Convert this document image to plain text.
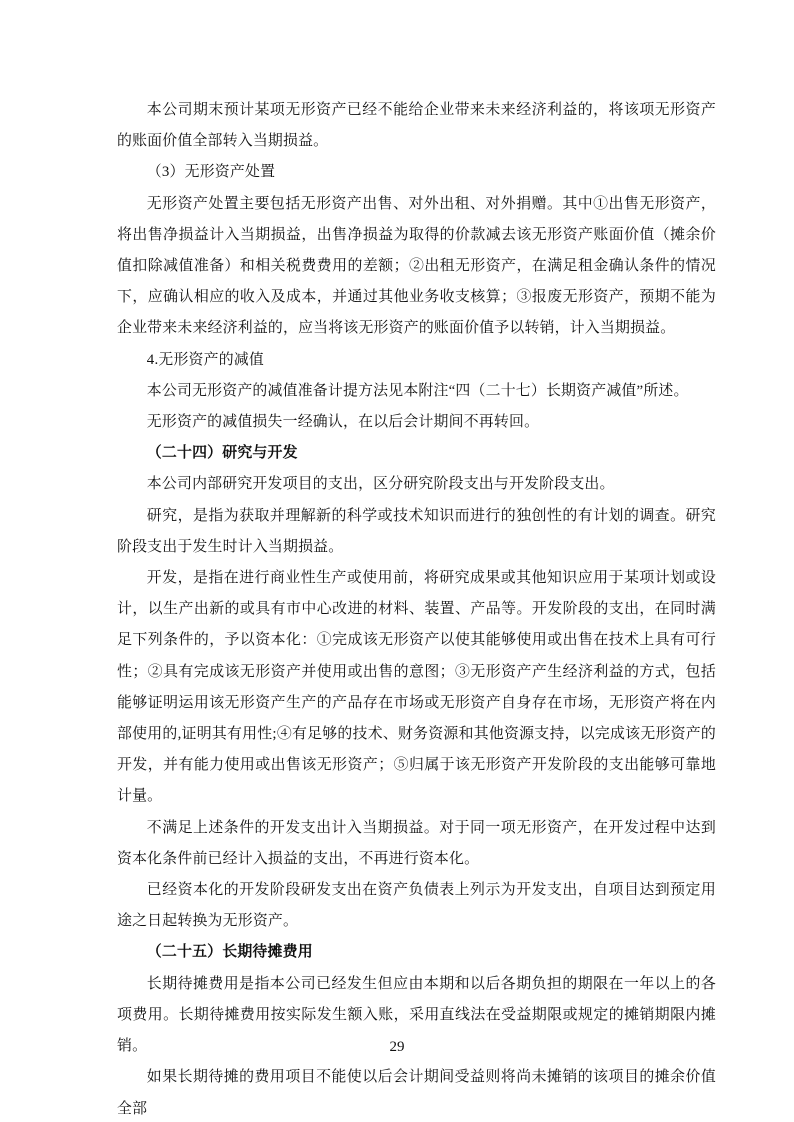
本公司期末预计某项无形资产已经不能给企业带来未来经济利益的，将该项无形资产的账面价值全部转入当期损益。

（3）无形资产处置

无形资产处置主要包括无形资产出售、对外出租、对外捐赠。其中①出售无形资产，将出售净损益计入当期损益，出售净损益为取得的价款减去该无形资产账面价值（摊余价值扣除减值准备）和相关税费费用的差额；②出租无形资产，在满足租金确认条件的情况下，应确认相应的收入及成本，并通过其他业务收支核算；③报废无形资产，预期不能为企业带来未来经济利益的，应当将该无形资产的账面价值予以转销，计入当期损益。

4.无形资产的减值

本公司无形资产的减值准备计提方法见本附注“四（二十七）长期资产减值”所述。

无形资产的减值损失一经确认，在以后会计期间不再转回。

（二十四）研究与开发

本公司内部研究开发项目的支出，区分研究阶段支出与开发阶段支出。

研究，是指为获取并理解新的科学或技术知识而进行的独创性的有计划的调查。研究阶段支出于发生时计入当期损益。

开发，是指在进行商业性生产或使用前，将研究成果或其他知识应用于某项计划或设计，以生产出新的或具有市中心改进的材料、装置、产品等。开发阶段的支出，在同时满足下列条件的，予以资本化：①完成该无形资产以使其能够使用或出售在技术上具有可行性；②具有完成该无形资产并使用或出售的意图；③无形资产产生经济利益的方式，包括能够证明运用该无形资产生产的产品存在市场或无形资产自身存在市场，无形资产将在内部使用的,证明其有用性;④有足够的技术、财务资源和其他资源支持，以完成该无形资产的开发，并有能力使用或出售该无形资产；⑤归属于该无形资产开发阶段的支出能够可靠地计量。

不满足上述条件的开发支出计入当期损益。对于同一项无形资产，在开发过程中达到资本化条件前已经计入损益的支出，不再进行资本化。

已经资本化的开发阶段研发支出在资产负债表上列示为开发支出，自项目达到预定用途之日起转换为无形资产。

（二十五）长期待摊费用

长期待摊费用是指本公司已经发生但应由本期和以后各期负担的期限在一年以上的各项费用。长期待摊费用按实际发生额入账，采用直线法在受益期限或规定的摊销期限内摊销。

如果长期待摊的费用项目不能使以后会计期间受益则将尚未摊销的该项目的摊余价值全部

29
